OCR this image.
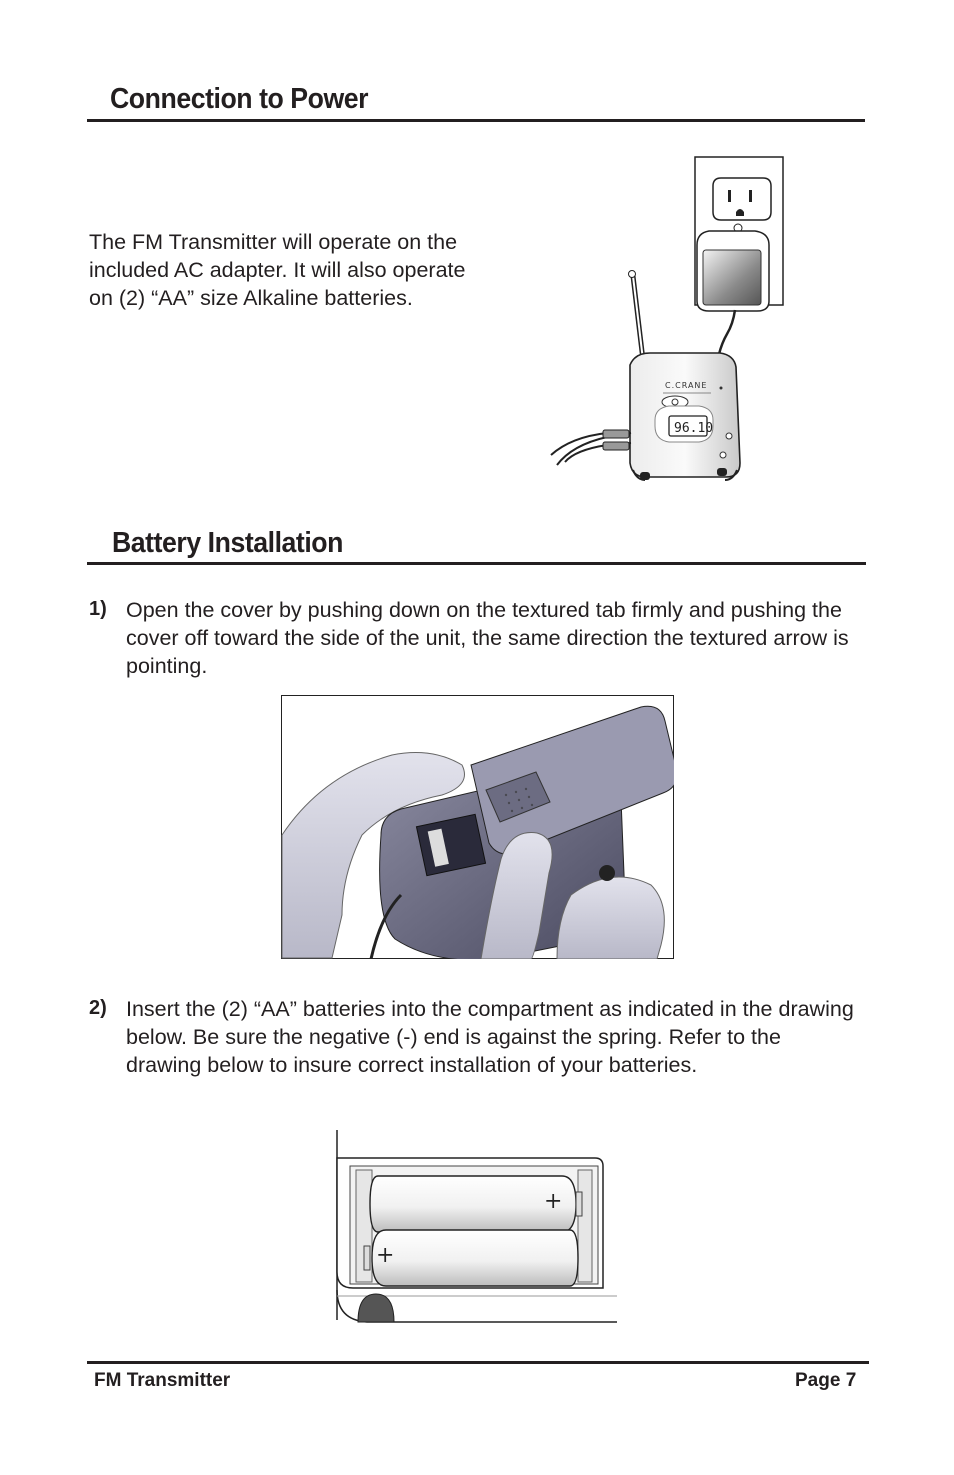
Connection to Power
The FM Transmitter will operate on the included AC adapter. It will also operate on (2) “AA” size Alkaline batteries.
C.CRANE
96.10
Battery Installation
1) Open the cover by pushing down on the textured tab firmly and pushing the cover off toward the side of the unit, the same direction the textured arrow is pointing.
2) Insert the (2) “AA” batteries into the compartment as indicated in the drawing below. Be sure the negative (-) end is against the spring. Refer to the drawing below to insure correct installation of your batteries.
+
+
FM Transmitter	Page 7
